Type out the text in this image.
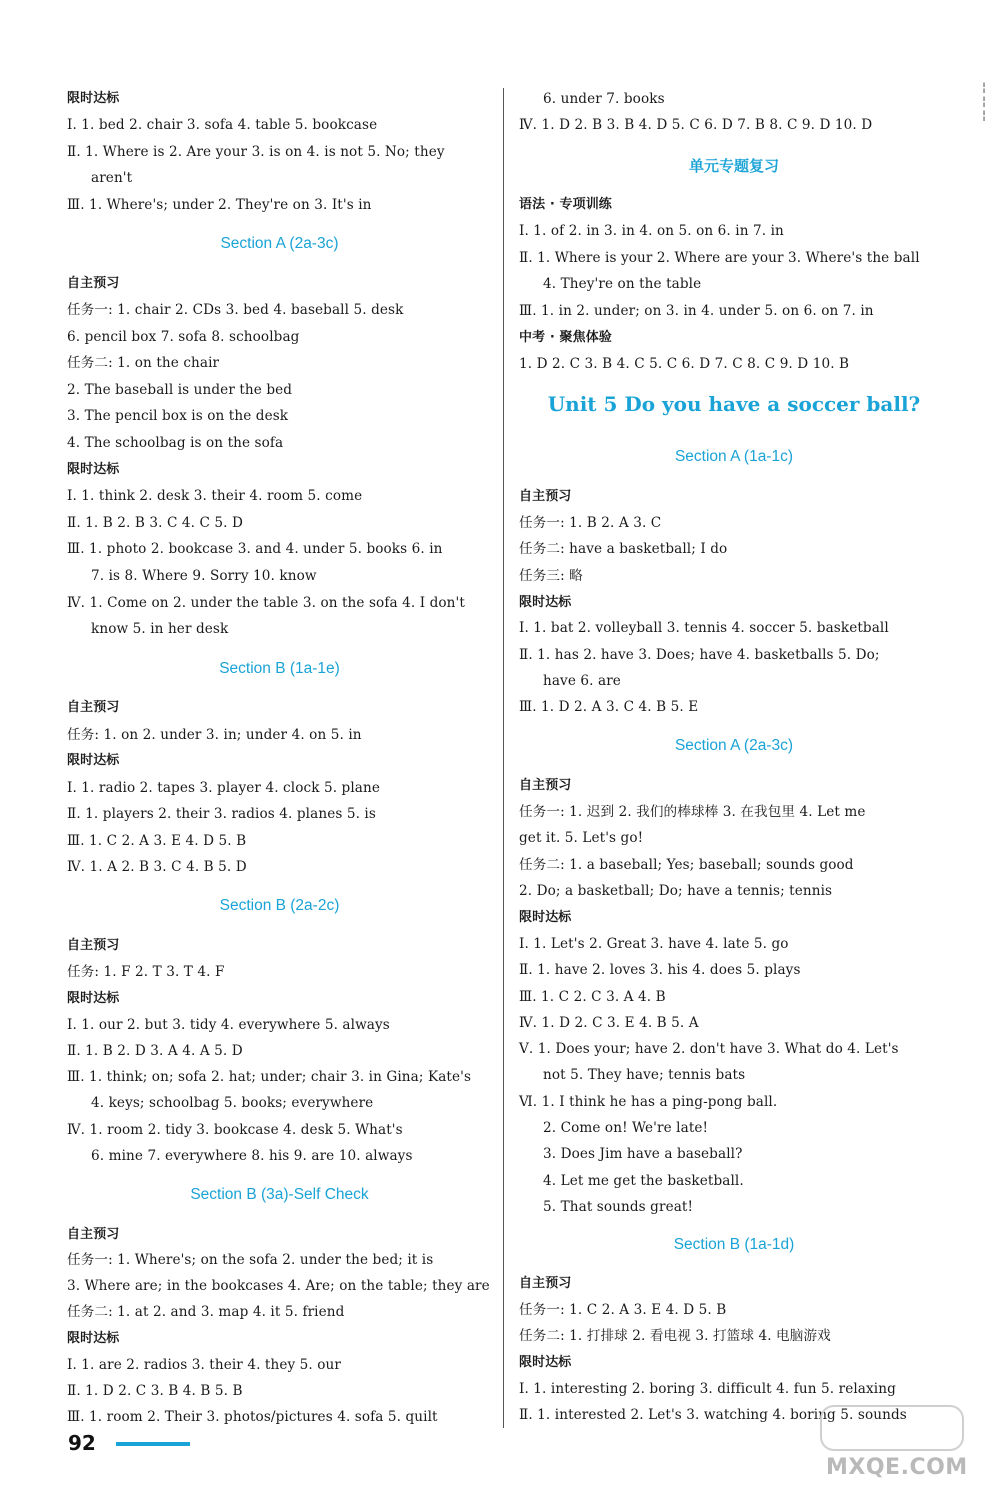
¦
¦
¦
限时达标
Ⅰ. 1. bed 2. chair 3. sofa 4. table 5. bookcase
Ⅱ. 1. Where is 2. Are your 3. is on 4. is not 5. No; they
aren't
Ⅲ. 1. Where's; under 2. They're on 3. It's in
Section A (2a-3c)
自主预习
任务一: 1. chair 2. CDs 3. bed 4. baseball 5. desk
6. pencil box 7. sofa 8. schoolbag
任务二: 1. on the chair
2. The baseball is under the bed
3. The pencil box is on the desk
4. The schoolbag is on the sofa
限时达标
Ⅰ. 1. think 2. desk 3. their 4. room 5. come
Ⅱ. 1. B 2. B 3. C 4. C 5. D
Ⅲ. 1. photo 2. bookcase 3. and 4. under 5. books 6. in
7. is 8. Where 9. Sorry 10. know
Ⅳ. 1. Come on 2. under the table 3. on the sofa 4. I don't
know 5. in her desk
Section B (1a-1e)
自主预习
任务: 1. on 2. under 3. in; under 4. on 5. in
限时达标
Ⅰ. 1. radio 2. tapes 3. player 4. clock 5. plane
Ⅱ. 1. players 2. their 3. radios 4. planes 5. is
Ⅲ. 1. C 2. A 3. E 4. D 5. B
Ⅳ. 1. A 2. B 3. C 4. B 5. D
Section B (2a-2c)
自主预习
任务: 1. F 2. T 3. T 4. F
限时达标
Ⅰ. 1. our 2. but 3. tidy 4. everywhere 5. always
Ⅱ. 1. B 2. D 3. A 4. A 5. D
Ⅲ. 1. think; on; sofa 2. hat; under; chair 3. in Gina; Kate's
4. keys; schoolbag 5. books; everywhere
Ⅳ. 1. room 2. tidy 3. bookcase 4. desk 5. What's
6. mine 7. everywhere 8. his 9. are 10. always
Section B (3a)-Self Check
自主预习
任务一: 1. Where's; on the sofa 2. under the bed; it is
3. Where are; in the bookcases 4. Are; on the table; they are
任务二: 1. at 2. and 3. map 4. it 5. friend
限时达标
Ⅰ. 1. are 2. radios 3. their 4. they 5. our
Ⅱ. 1. D 2. C 3. B 4. B 5. B
Ⅲ. 1. room 2. Their 3. photos/pictures 4. sofa 5. quilt
6. under 7. books
Ⅳ. 1. D 2. B 3. B 4. D 5. C 6. D 7. B 8. C 9. D 10. D
单元专题复习
语法 · 专项训练
Ⅰ. 1. of 2. in 3. in 4. on 5. on 6. in 7. in
Ⅱ. 1. Where is your 2. Where are your 3. Where's the ball
4. They're on the table
Ⅲ. 1. in 2. under; on 3. in 4. under 5. on 6. on 7. in
中考 · 聚焦体验
1. D 2. C 3. B 4. C 5. C 6. D 7. C 8. C 9. D 10. B
Unit 5 Do you have a soccer ball?
Section A (1a-1c)
自主预习
任务一: 1. B 2. A 3. C
任务二: have a basketball; I do
任务三: 略
限时达标
Ⅰ. 1. bat 2. volleyball 3. tennis 4. soccer 5. basketball
Ⅱ. 1. has 2. have 3. Does; have 4. basketballs 5. Do;
have 6. are
Ⅲ. 1. D 2. A 3. C 4. B 5. E
Section A (2a-3c)
自主预习
任务一: 1. 迟到 2. 我们的棒球棒 3. 在我包里 4. Let me
get it. 5. Let's go!
任务二: 1. a baseball; Yes; baseball; sounds good
2. Do; a basketball; Do; have a tennis; tennis
限时达标
Ⅰ. 1. Let's 2. Great 3. have 4. late 5. go
Ⅱ. 1. have 2. loves 3. his 4. does 5. plays
Ⅲ. 1. C 2. C 3. A 4. B
Ⅳ. 1. D 2. C 3. E 4. B 5. A
Ⅴ. 1. Does your; have 2. don't have 3. What do 4. Let's
not 5. They have; tennis bats
Ⅵ. 1. I think he has a ping-pong ball.
2. Come on! We're late!
3. Does Jim have a baseball?
4. Let me get the basketball.
5. That sounds great!
Section B (1a-1d)
自主预习
任务一: 1. C 2. A 3. E 4. D 5. B
任务二: 1. 打排球 2. 看电视 3. 打篮球 4. 电脑游戏
限时达标
Ⅰ. 1. interesting 2. boring 3. difficult 4. fun 5. relaxing
Ⅱ. 1. interested 2. Let's 3. watching 4. boring 5. sounds
92
MXQE.COM
